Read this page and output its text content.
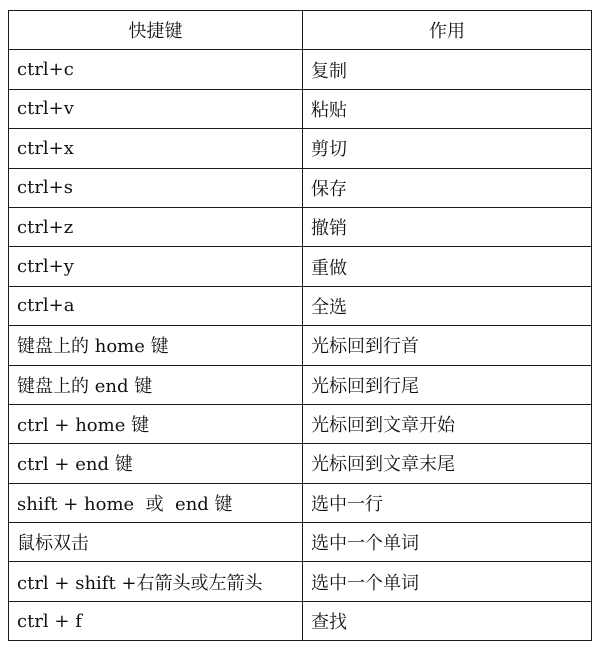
快捷键	作用
ctrl+c	复制
ctrl+v	粘贴
ctrl+x	剪切
ctrl+s	保存
ctrl+z	撤销
ctrl+y	重做
ctrl+a	全选
键盘上的 home 键	光标回到行首
键盘上的 end 键	光标回到行尾
ctrl + home 键	光标回到文章开始
ctrl + end 键	光标回到文章末尾
shift + home  或  end 键	选中一行
鼠标双击	选中一个单词
ctrl + shift +右箭头或左箭头	选中一个单词
ctrl + f	查找
